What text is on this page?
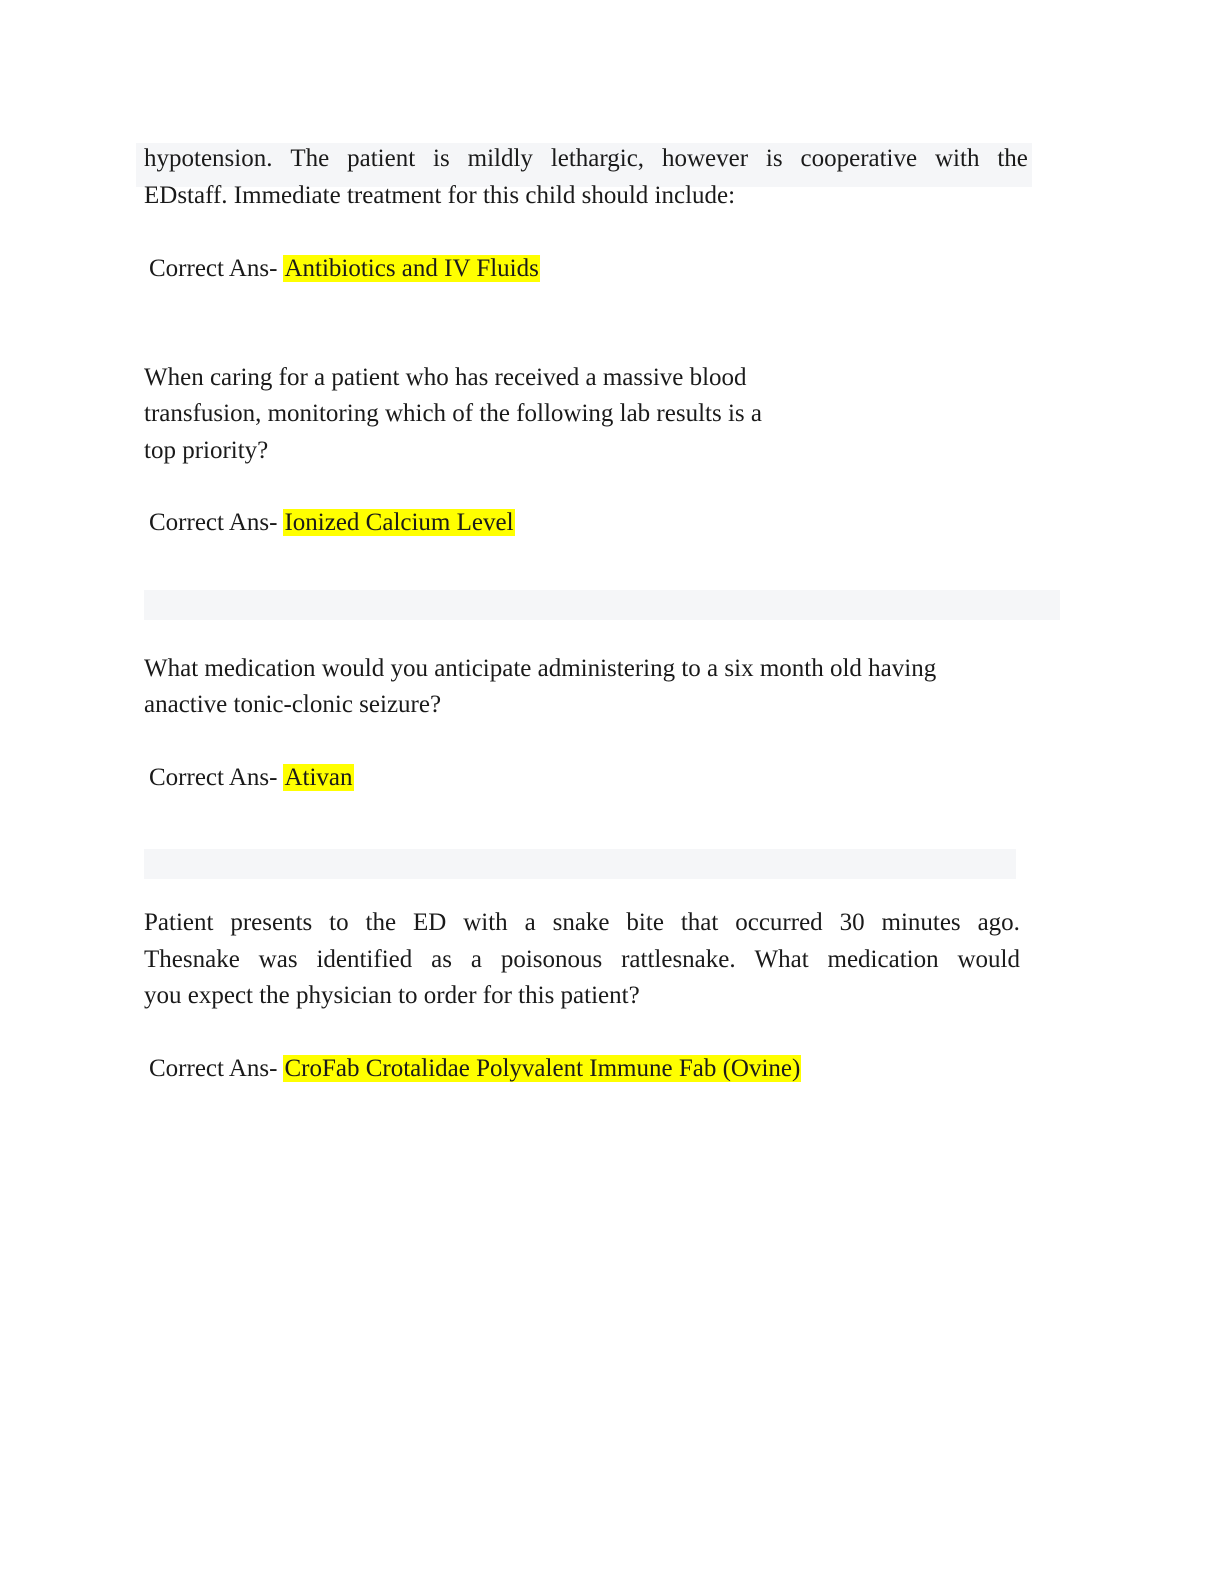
hypotension. The patient is mildly lethargic, however is cooperative with the
EDstaff. Immediate treatment for this child should include:
Correct Ans- Antibiotics and IV Fluids
When caring for a patient who has received a massive blood
transfusion, monitoring which of the following lab results is a
top priority?
Correct Ans- Ionized Calcium Level
What medication would you anticipate administering to a six month old having
anactive tonic-clonic seizure?
Correct Ans- Ativan
Patient presents to the ED with a snake bite that occurred 30 minutes ago.
Thesnake was identified as a poisonous rattlesnake. What medication would
you expect the physician to order for this patient?
Correct Ans- CroFab Crotalidae Polyvalent Immune Fab (Ovine)
